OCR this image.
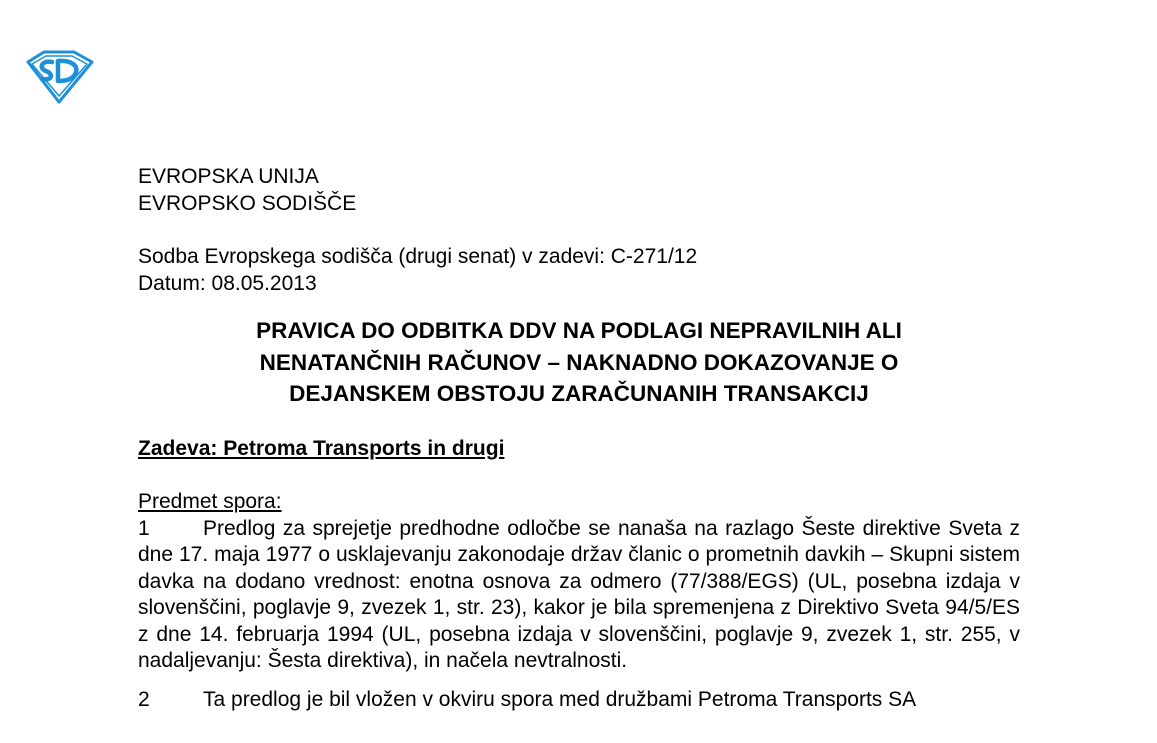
EVROPSKA UNIJA
EVROPSKO SODIŠČE
Sodba Evropskega sodišča (drugi senat) v zadevi: C-271/12
Datum: 08.05.2013
PRAVICA DO ODBITKA DDV NA PODLAGI NEPRAVILNIH ALI
NENATANČNIH RAČUNOV – NAKNADNO DOKAZOVANJE O
DEJANSKEM OBSTOJU ZARAČUNANIH TRANSAKCIJ
Zadeva: Petroma Transports in drugi
Predmet spora:
1	Predlog za sprejetje predhodne odločbe se nanaša na razlago Šeste direktive Sveta z dne 17. maja 1977 o usklajevanju zakonodaje držav članic o prometnih davkih – Skupni sistem davka na dodano vrednost: enotna osnova za odmero (77/388/EGS) (UL, posebna izdaja v slovenščini, poglavje 9, zvezek 1, str. 23), kakor je bila spremenjena z Direktivo Sveta 94/5/ES z dne 14. februarja 1994 (UL, posebna izdaja v slovenščini, poglavje 9, zvezek 1, str. 255, v nadaljevanju: Šesta direktiva), in načela nevtralnosti.
2	Ta predlog je bil vložen v okviru spora med družbami Petroma Transports SA
